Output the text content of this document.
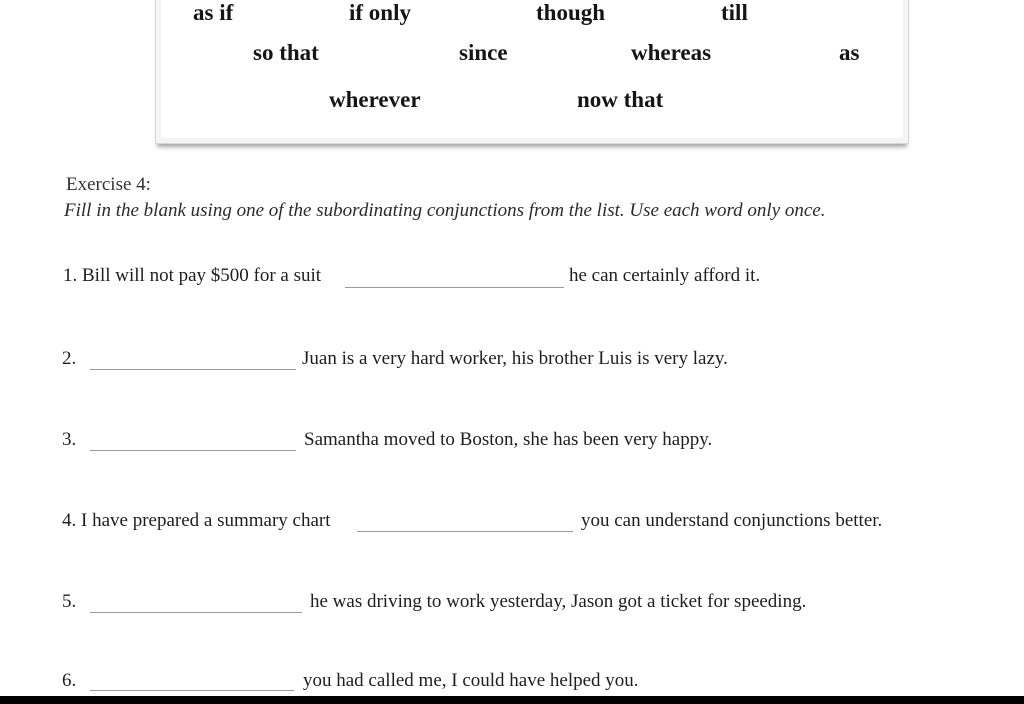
as if	if only	though	till
so that	since	whereas	as
wherever	now that
Exercise 4:
Fill in the blank using one of the subordinating conjunctions from the list. Use each word only once.
1. Bill will not pay $500 for a suit	he can certainly afford it.
2.	Juan is a very hard worker, his brother Luis is very lazy.
3.	Samantha moved to Boston, she has been very happy.
4. I have prepared a summary chart	you can understand conjunctions better.
5.	he was driving to work yesterday, Jason got a ticket for speeding.
6.	you had called me, I could have helped you.
